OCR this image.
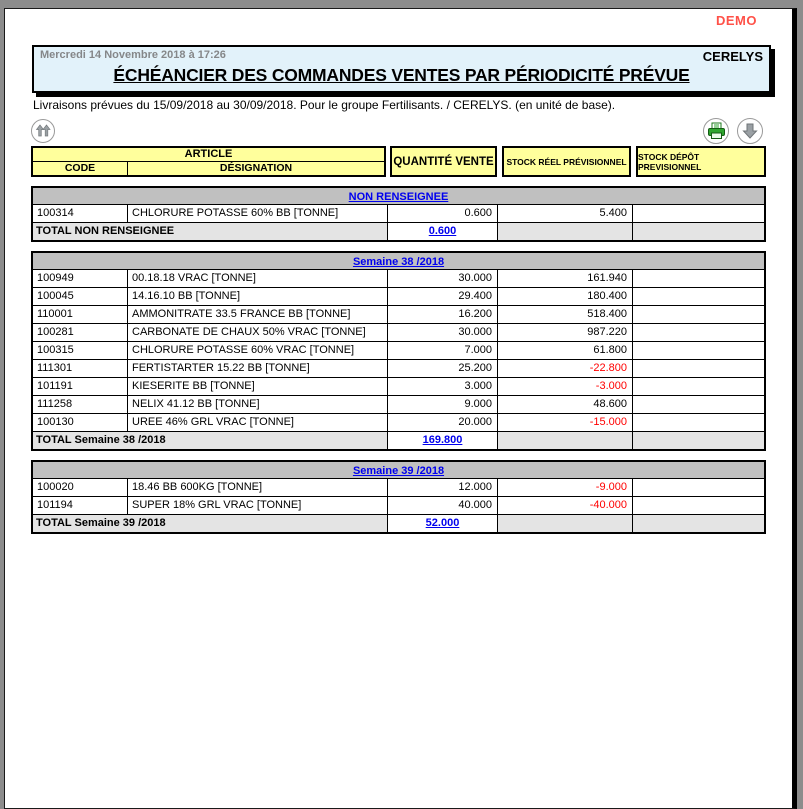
DEMO
Mercredi 14 Novembre 2018 à 17:26	CERELYS
ÉCHÉANCIER DES COMMANDES VENTES PAR PÉRIODICITÉ PRÉVUE
Livraisons prévues du 15/09/2018 au 30/09/2018. Pour le groupe Fertilisants. / CERELYS. (en unité de base).
ARTICLE
CODE	DÉSIGNATION
QUANTITÉ VENTE	STOCK RÉEL PRÉVISIONNEL	STOCK DÉPÔT PREVISIONNEL
NON RENSEIGNEE
100314	CHLORURE POTASSE 60% BB [TONNE]	0.600	5.400
TOTAL NON RENSEIGNEE	0.600
Semaine 38 /2018
100949	00.18.18 VRAC [TONNE]	30.000	161.940
100045	14.16.10 BB [TONNE]	29.400	180.400
110001	AMMONITRATE 33.5 FRANCE BB [TONNE]	16.200	518.400
100281	CARBONATE DE CHAUX 50% VRAC [TONNE]	30.000	987.220
100315	CHLORURE POTASSE 60% VRAC [TONNE]	7.000	61.800
111301	FERTISTARTER 15.22 BB [TONNE]	25.200	-22.800
101191	KIESERITE BB [TONNE]	3.000	-3.000
111258	NELIX 41.12 BB [TONNE]	9.000	48.600
100130	UREE 46% GRL VRAC [TONNE]	20.000	-15.000
TOTAL Semaine 38 /2018	169.800
Semaine 39 /2018
100020	18.46 BB 600KG [TONNE]	12.000	-9.000
101194	SUPER 18% GRL VRAC [TONNE]	40.000	-40.000
TOTAL Semaine 39 /2018	52.000
